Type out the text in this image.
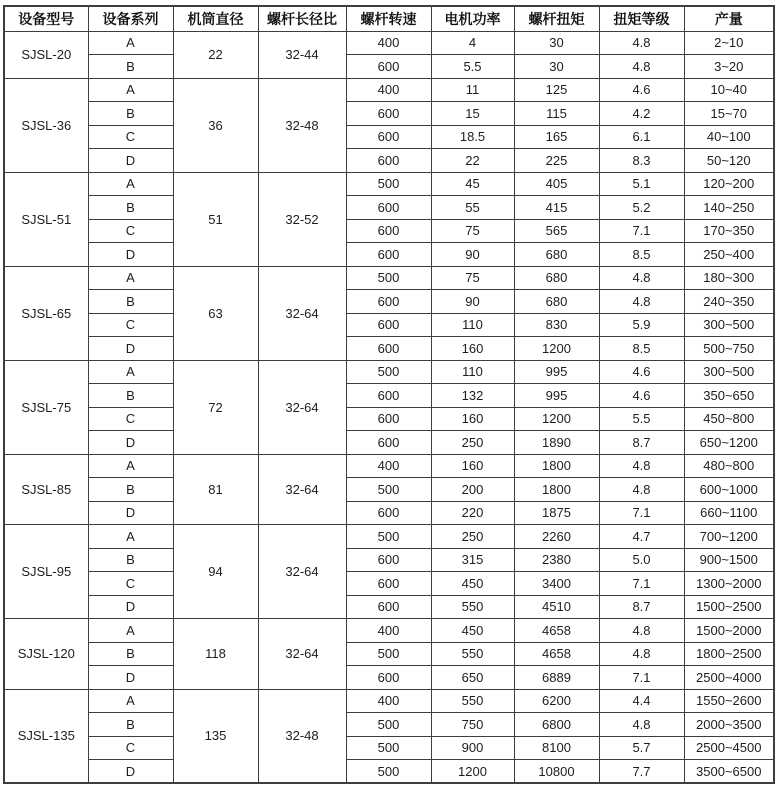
设备型号	设备系列	机筒直径	螺杆长径比	螺杆转速	电机功率	螺杆扭矩	扭矩等级	产量
SJSL-20	A	22	32-44	400	4	30	4.8	2~10
	B			600	5.5	30	4.8	3~20
SJSL-36	A	36	32-48	400	11	125	4.6	10~40
	B			600	15	115	4.2	15~70
	C			600	18.5	165	6.1	40~100
	D			600	22	225	8.3	50~120
SJSL-51	A	51	32-52	500	45	405	5.1	120~200
	B			600	55	415	5.2	140~250
	C			600	75	565	7.1	170~350
	D			600	90	680	8.5	250~400
SJSL-65	A	63	32-64	500	75	680	4.8	180~300
	B			600	90	680	4.8	240~350
	C			600	110	830	5.9	300~500
	D			600	160	1200	8.5	500~750
SJSL-75	A	72	32-64	500	110	995	4.6	300~500
	B			600	132	995	4.6	350~650
	C			600	160	1200	5.5	450~800
	D			600	250	1890	8.7	650~1200
SJSL-85	A	81	32-64	400	160	1800	4.8	480~800
	B			500	200	1800	4.8	600~1000
	D			600	220	1875	7.1	660~1100
SJSL-95	A	94	32-64	500	250	2260	4.7	700~1200
	B			600	315	2380	5.0	900~1500
	C			600	450	3400	7.1	1300~2000
	D			600	550	4510	8.7	1500~2500
SJSL-120	A	118	32-64	400	450	4658	4.8	1500~2000
	B			500	550	4658	4.8	1800~2500
	D			600	650	6889	7.1	2500~4000
SJSL-135	A	135	32-48	400	550	6200	4.4	1550~2600
	B			500	750	6800	4.8	2000~3500
	C			500	900	8100	5.7	2500~4500
	D			500	1200	10800	7.7	3500~6500
